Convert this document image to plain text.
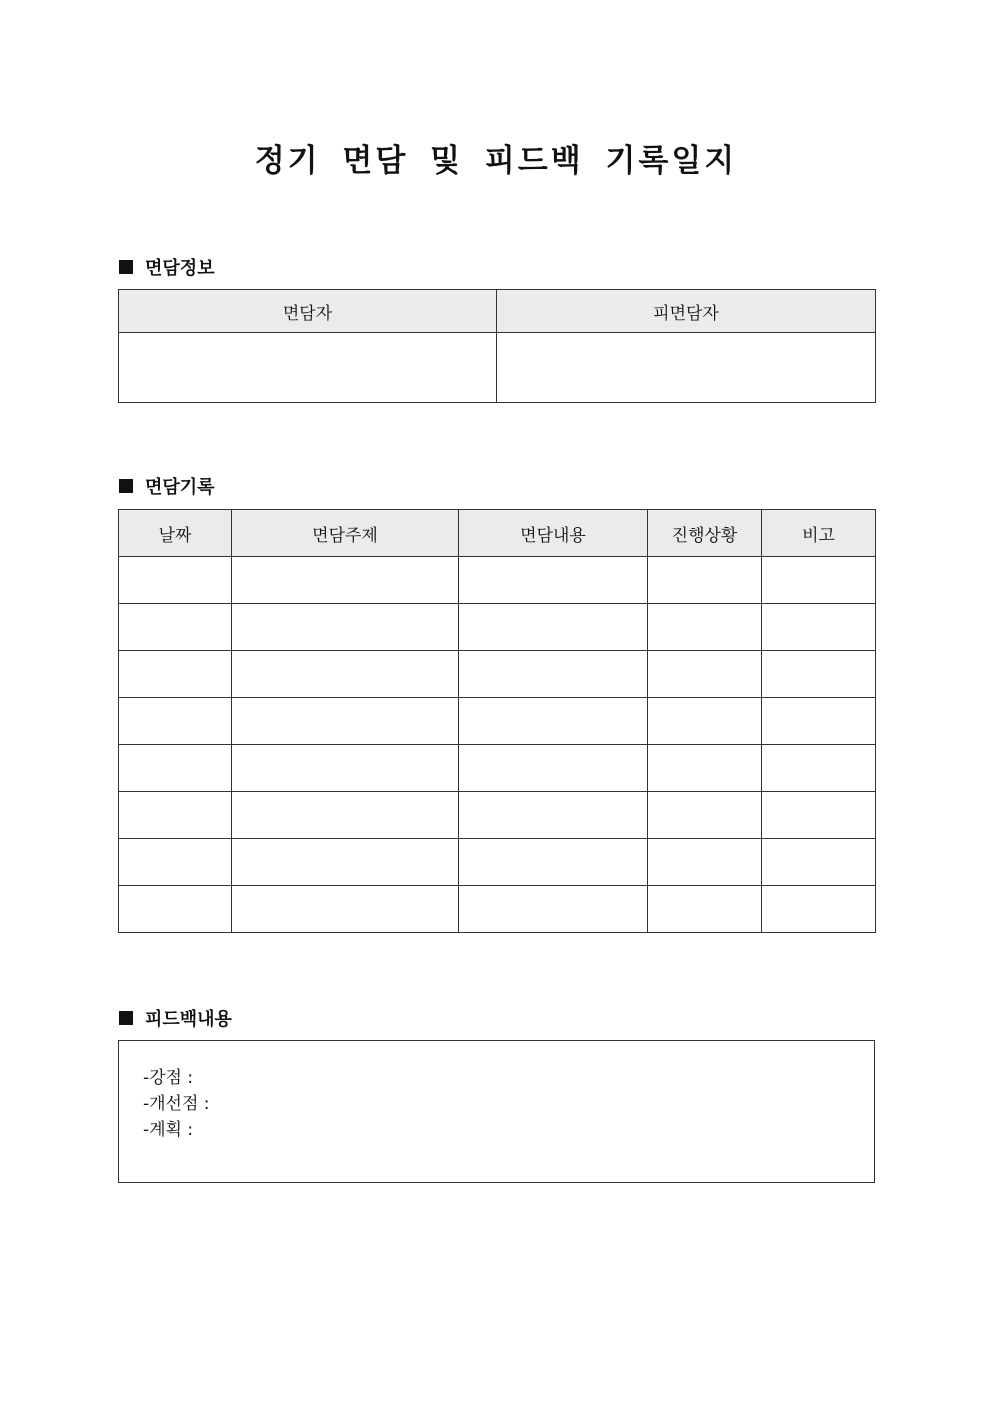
정기 면담 및 피드백 기록일지
면담정보
면담자	피면담자

면담기록
날짜	면담주제	면담내용	진행상황	비고

피드백내용
-강점 :
-개선점 :
-계획 :
